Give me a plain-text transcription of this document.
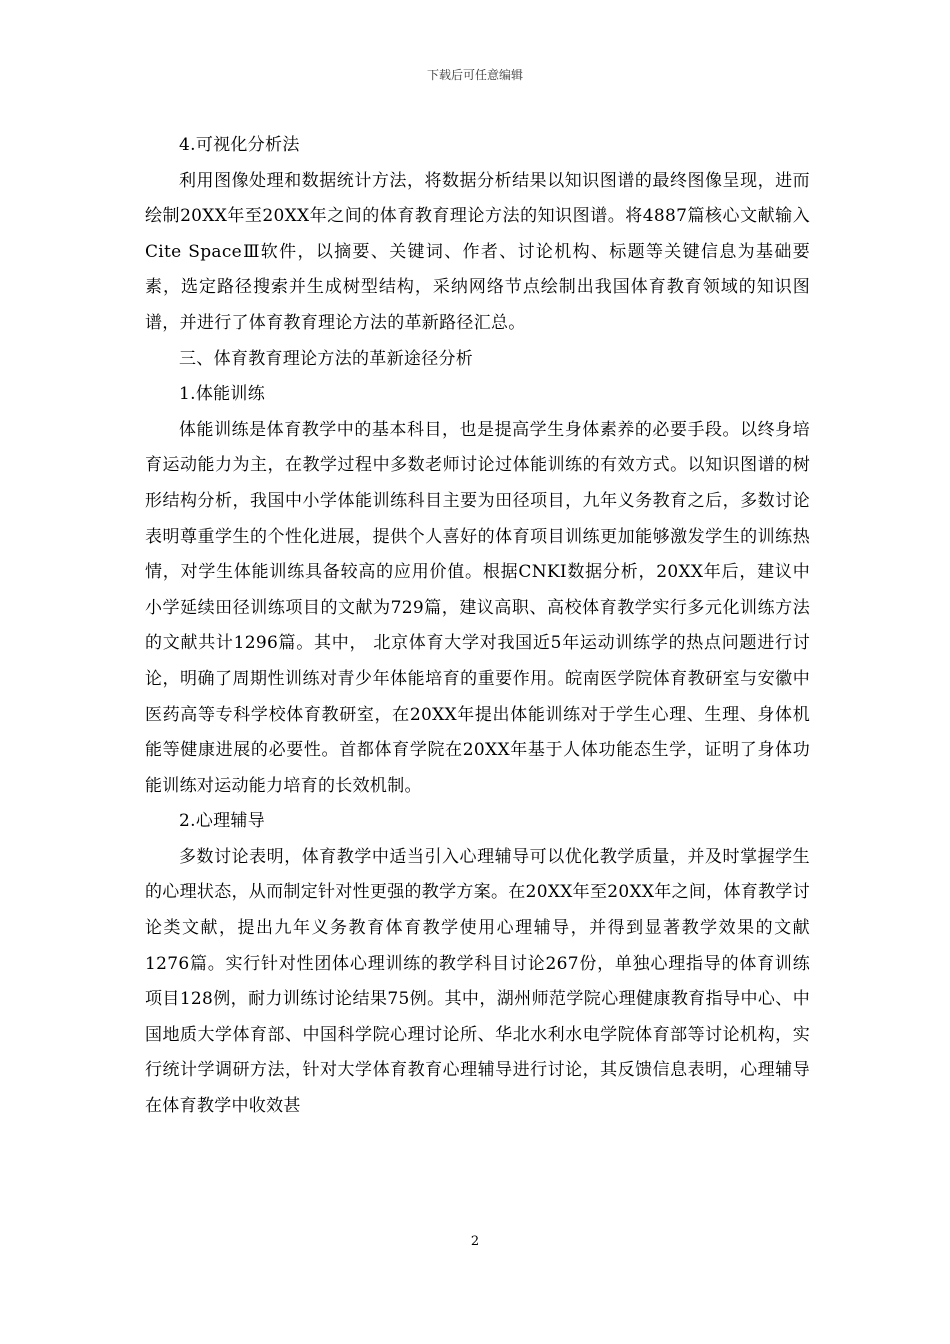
下载后可任意编辑

4.可视化分析法

利用图像处理和数据统计方法，将数据分析结果以知识图谱的最终图像呈现，进而绘制20XX年至20XX年之间的体育教育理论方法的知识图谱。将4887篇核心文献输入Cite SpaceⅢ软件，以摘要、关键词、作者、讨论机构、标题等关键信息为基础要素，选定路径搜索并生成树型结构，采纳网络节点绘制出我国体育教育领域的知识图谱，并进行了体育教育理论方法的革新路径汇总。

三、体育教育理论方法的革新途径分析

1.体能训练

体能训练是体育教学中的基本科目，也是提高学生身体素养的必要手段。以终身培育运动能力为主，在教学过程中多数老师讨论过体能训练的有效方式。以知识图谱的树形结构分析，我国中小学体能训练科目主要为田径项目，九年义务教育之后，多数讨论表明尊重学生的个性化进展，提供个人喜好的体育项目训练更加能够激发学生的训练热情，对学生体能训练具备较高的应用价值。根据CNKI数据分析，20XX年后，建议中小学延续田径训练项目的文献为729篇，建议高职、高校体育教学实行多元化训练方法的文献共计1296篇。其中， 北京体育大学对我国近5年运动训练学的热点问题进行讨论，明确了周期性训练对青少年体能培育的重要作用。皖南医学院体育教研室与安徽中医药高等专科学校体育教研室，在20XX年提出体能训练对于学生心理、生理、身体机能等健康进展的必要性。首都体育学院在20XX年基于人体功能态生学，证明了身体功能训练对运动能力培育的长效机制。

2.心理辅导

多数讨论表明，体育教学中适当引入心理辅导可以优化教学质量，并及时掌握学生的心理状态，从而制定针对性更强的教学方案。在20XX年至20XX年之间，体育教学讨论类文献，提出九年义务教育体育教学使用心理辅导，并得到显著教学效果的文献1276篇。实行针对性团体心理训练的教学科目讨论267份，单独心理指导的体育训练项目128例，耐力训练讨论结果75例。其中，湖州师范学院心理健康教育指导中心、中国地质大学体育部、中国科学院心理讨论所、华北水利水电学院体育部等讨论机构，实行统计学调研方法，针对大学体育教育心理辅导进行讨论，其反馈信息表明，心理辅导在体育教学中收效甚

2
